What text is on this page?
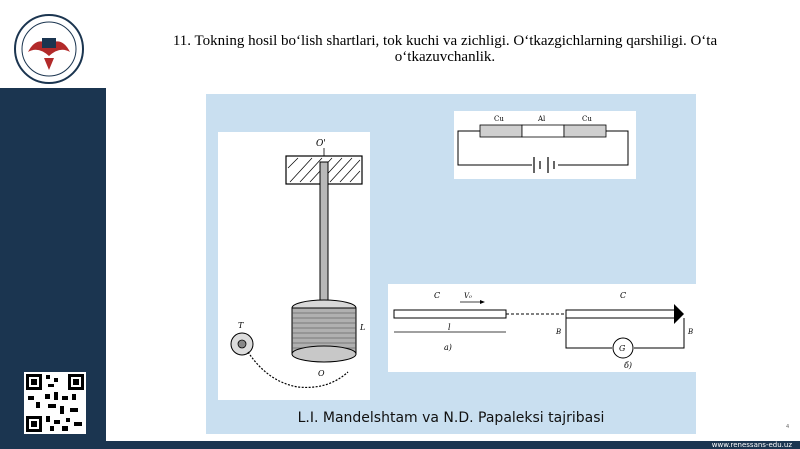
11. Tokning hosil bo‘lish shartlari, tok kuchi va zichligi. O‘tkazgichlarning qarshiligi. O‘ta
o‘tkazuvchanlik.
O'
L
O
T
Cu	Al	Cu
C	V₀
l
a)
C
G
B	B
б)
L.I. Mandelshtam va N.D. Papaleksi tajribasi
4
www.renessans-edu.uz
